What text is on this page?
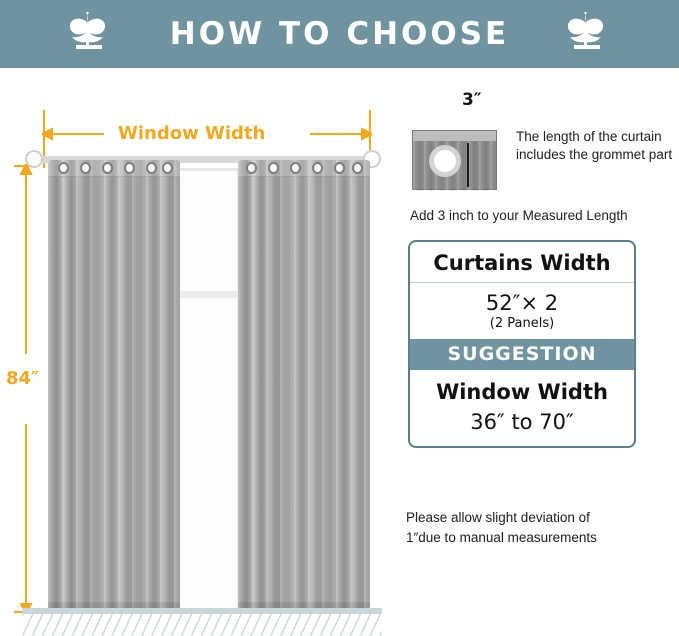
HOW TO CHOOSE
Window Width
84″
3″
The length of the curtain includes the grommet part
Add 3 inch to your Measured Length
Curtains Width
52″× 2
(2 Panels)
SUGGESTION
Window Width
36″ to 70″
Please allow slight deviation of
1″due to manual measurements
